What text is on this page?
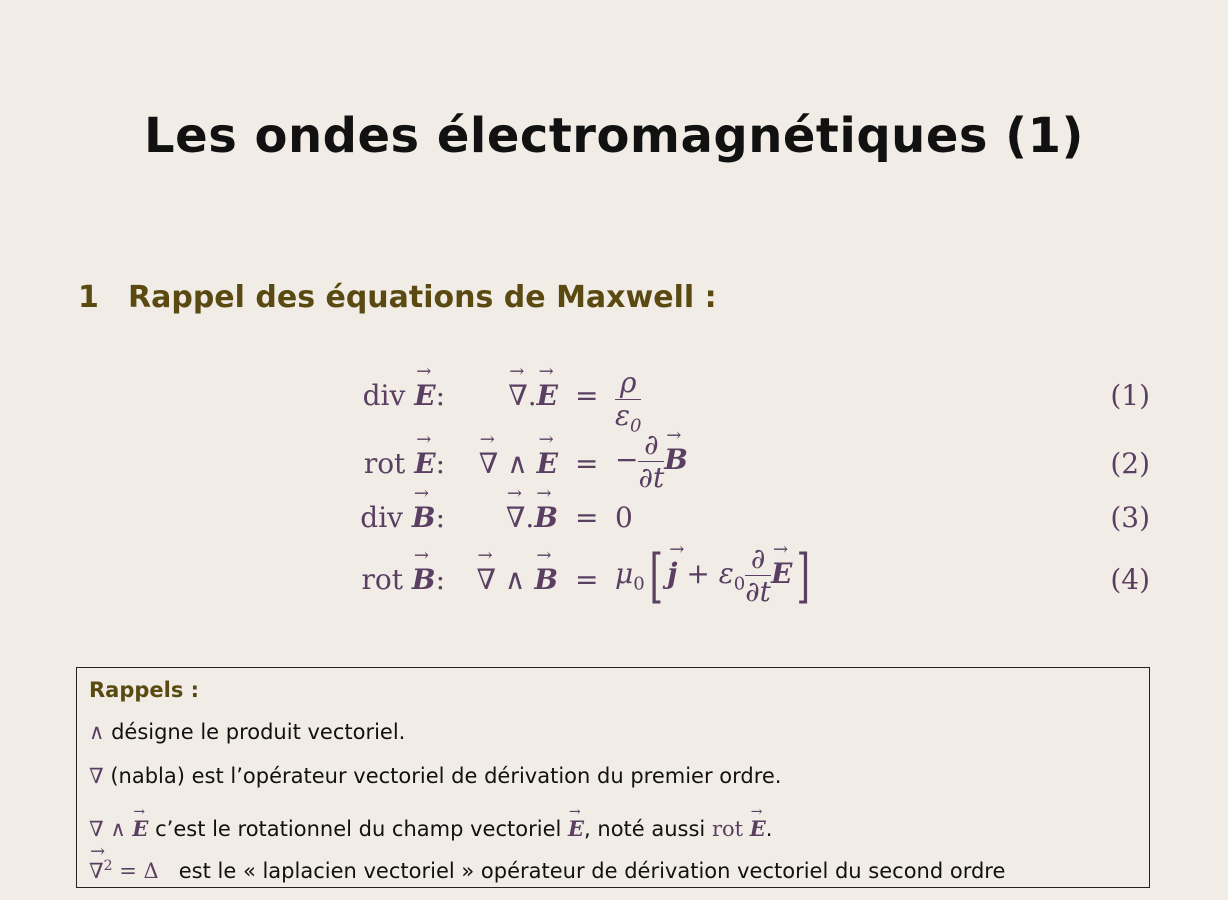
Les ondes électromagnétiques (1)
1 Rappel des équations de Maxwell :
div → E:
→	∇.→ $E = \frac{\rho}{\varepsilon_0}$	(1)
rot → E:
→	∇ ∧ → E = − $\frac{\partial}{\partial t}$
→ B	(2)
div → B:
→	∇.→ B = 0	(3)
rot → B:
→	∇ ∧ → $B = \mu_0[\to j + \varepsilon_0 \frac{\partial}{\partial t}$
→ E]	(4)
Rappels :
∧ désigne le produit vectoriel.
∇ (nabla) est l’opérateur vectoriel de dérivation du premier ordre.
∇ ∧ → E c’est le rotationnel du champ vectoriel → E, noté aussi rot → E.
→ ∇$^2$ = Δ est le « laplacien vectoriel » opérateur de dérivation vectoriel du second ordre
